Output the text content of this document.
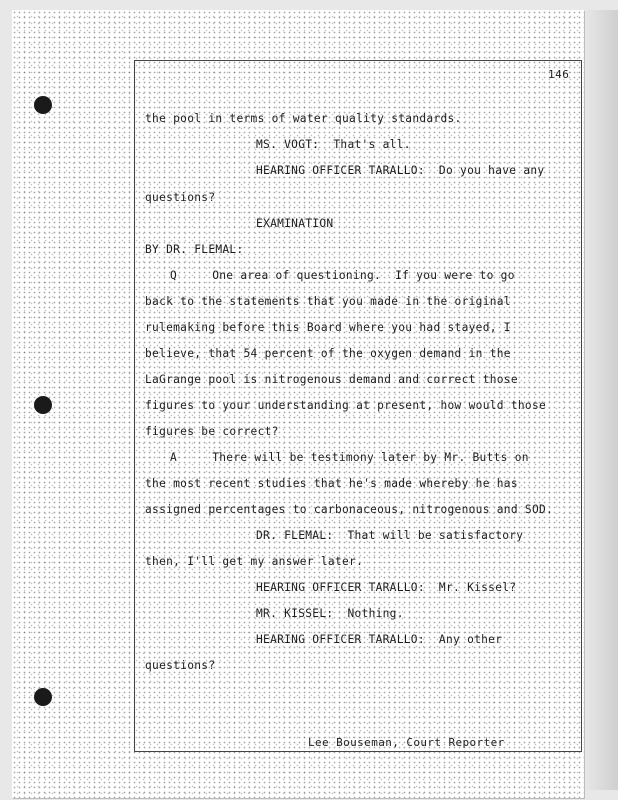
146
the pool in terms of water quality standards.
MS. VOGT:  That's all.
HEARING OFFICER TARALLO:  Do you have any
questions?
EXAMINATION
BY DR. FLEMAL:
Q     One area of questioning.  If you were to go
back to the statements that you made in the original
rulemaking before this Board where you had stayed, I
believe, that 54 percent of the oxygen demand in the
LaGrange pool is nitrogenous demand and correct those
figures to your understanding at present, how would those
figures be correct?
A     There will be testimony later by Mr. Butts on
the most recent studies that he's made whereby he has
assigned percentages to carbonaceous, nitrogenous and SOD.
DR. FLEMAL:  That will be satisfactory
then, I'll get my answer later.
HEARING OFFICER TARALLO:  Mr. Kissel?
MR. KISSEL:  Nothing.
HEARING OFFICER TARALLO:  Any other
questions?
Lee Bouseman, Court Reporter
